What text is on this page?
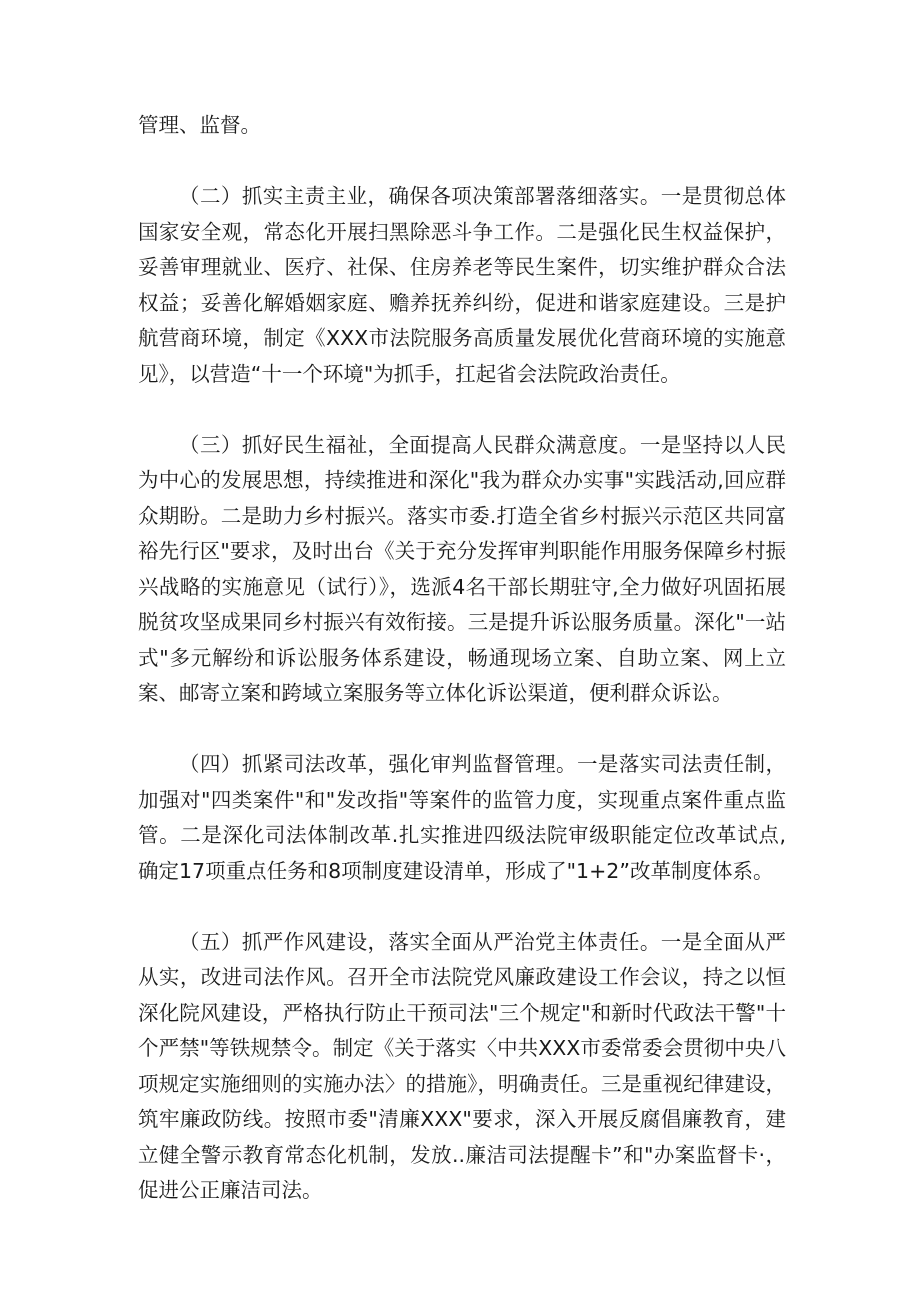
管理、监督。

（二）抓实主责主业，确保各项决策部署落细落实。一是贯彻总体国家安全观，常态化开展扫黑除恶斗争工作。二是强化民生权益保护，妥善审理就业、医疗、社保、住房养老等民生案件，切实维护群众合法权益；妥善化解婚姻家庭、赡养抚养纠纷，促进和谐家庭建设。三是护航营商环境，制定《XXX市法院服务高质量发展优化营商环境的实施意见》，以营造“十一个环境"为抓手，扛起省会法院政治责任。

（三）抓好民生福祉，全面提高人民群众满意度。一是坚持以人民为中心的发展思想，持续推进和深化"我为群众办实事"实践活动,回应群众期盼。二是助力乡村振兴。落实市委.打造全省乡村振兴示范区共同富裕先行区"要求，及时出台《关于充分发挥审判职能作用服务保障乡村振兴战略的实施意见（试行）》，选派4名干部长期驻守,全力做好巩固拓展脱贫攻坚成果同乡村振兴有效衔接。三是提升诉讼服务质量。深化"一站式"多元解纷和诉讼服务体系建设，畅通现场立案、自助立案、网上立案、邮寄立案和跨域立案服务等立体化诉讼渠道，便利群众诉讼。

（四）抓紧司法改革，强化审判监督管理。一是落实司法责任制，加强对"四类案件"和"发改指"等案件的监管力度，实现重点案件重点监管。二是深化司法体制改革.扎实推进四级法院审级职能定位改革试点,确定17项重点任务和8项制度建设清单，形成了"1+2”改革制度体系。

（五）抓严作风建设，落实全面从严治党主体责任。一是全面从严从实，改进司法作风。召开全市法院党风廉政建设工作会议，持之以恒深化院风建设，严格执行防止干预司法"三个规定"和新时代政法干警"十个严禁"等铁规禁令。制定《关于落实〈中共XXX市委常委会贯彻中央八项规定实施细则的实施办法〉的措施》，明确责任。三是重视纪律建设，筑牢廉政防线。按照市委"清廉XXX"要求，深入开展反腐倡廉教育，建立健全警示教育常态化机制，发放..廉洁司法提醒卡”和"办案监督卡·，促进公正廉洁司法。
